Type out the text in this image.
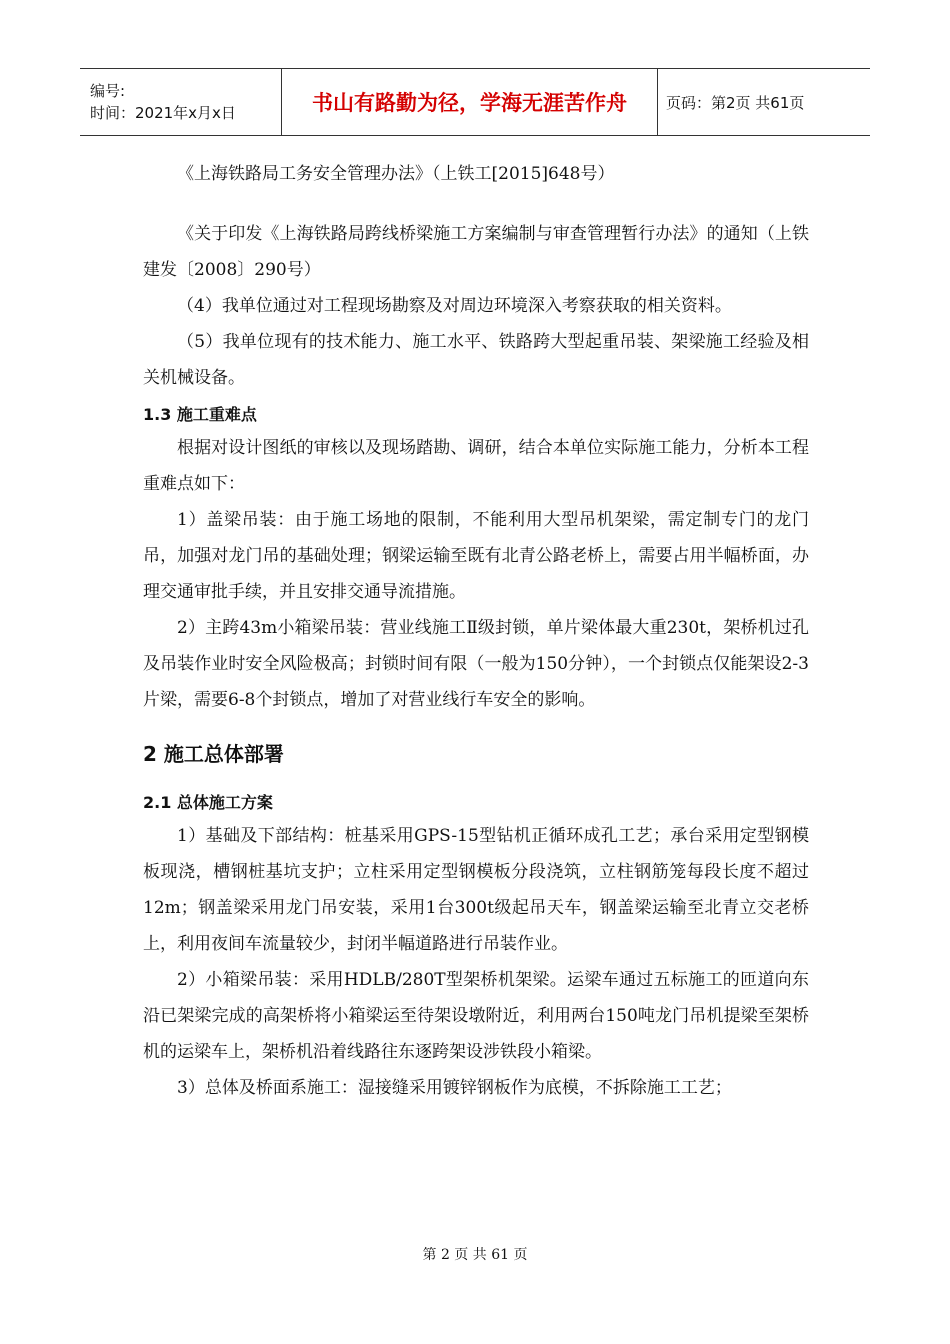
编号:
时间：2021年x月x日	书山有路勤为径，学海无涯苦作舟	页码：第2页 共61页

《上海铁路局工务安全管理办法》（上铁工[2015]648号）

《关于印发《上海铁路局跨线桥梁施工方案编制与审查管理暂行办法》的通知（上铁建发〔2008〕290号）

（4）我单位通过对工程现场勘察及对周边环境深入考察获取的相关资料。

（5）我单位现有的技术能力、施工水平、铁路跨大型起重吊装、架梁施工经验及相关机械设备。

1.3 施工重难点

根据对设计图纸的审核以及现场踏勘、调研，结合本单位实际施工能力，分析本工程重难点如下：

1）盖梁吊装：由于施工场地的限制，不能利用大型吊机架梁，需定制专门的龙门吊，加强对龙门吊的基础处理；钢梁运输至既有北青公路老桥上，需要占用半幅桥面，办理交通审批手续，并且安排交通导流措施。

2）主跨43m小箱梁吊装：营业线施工Ⅱ级封锁，单片梁体最大重230t，架桥机过孔及吊装作业时安全风险极高；封锁时间有限（一般为150分钟），一个封锁点仅能架设2-3片梁，需要6-8个封锁点，增加了对营业线行车安全的影响。

2 施工总体部署

2.1 总体施工方案

1）基础及下部结构：桩基采用GPS-15型钻机正循环成孔工艺；承台采用定型钢模板现浇，槽钢桩基坑支护；立柱采用定型钢模板分段浇筑，立柱钢筋笼每段长度不超过12m；钢盖梁采用龙门吊安装，采用1台300t级起吊天车，钢盖梁运输至北青立交老桥上，利用夜间车流量较少，封闭半幅道路进行吊装作业。

2）小箱梁吊装：采用HDLB/280T型架桥机架梁。运梁车通过五标施工的匝道向东沿已架梁完成的高架桥将小箱梁运至待架设墩附近，利用两台150吨龙门吊机提梁至架桥机的运梁车上，架桥机沿着线路往东逐跨架设涉铁段小箱梁。

3）总体及桥面系施工：湿接缝采用镀锌钢板作为底模，不拆除施工工艺；

第 2 页 共 61 页
